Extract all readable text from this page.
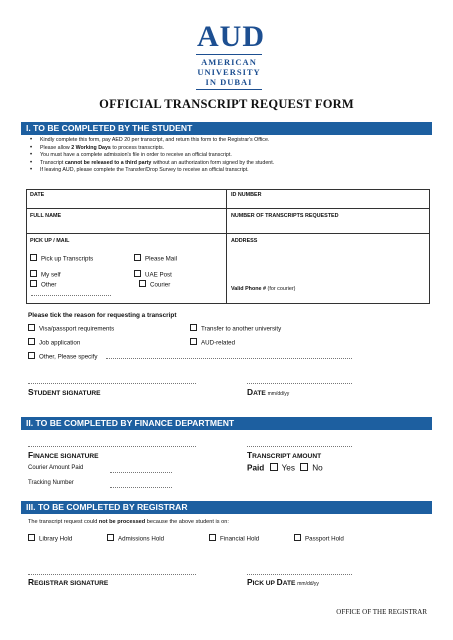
AUD
AMERICAN
UNIVERSITY
IN DUBAI
OFFICIAL TRANSCRIPT REQUEST FORM
I. TO BE COMPLETED BY THE STUDENT
• Kindly complete this form, pay AED 20 per transcript, and return this form to the Registrar's Office.
• Please allow 2 Working Days to process transcripts.
• You must have a complete admission's file in order to receive an official transcript.
• Transcript cannot be released to a third party without an authorization form signed by the student.
• If leaving AUD, please complete the Transfer/Drop Survey to receive an official transcript.
DATE	ID NUMBER
FULL NAME	NUMBER OF TRANSCRIPTS REQUESTED
PICK UP / MAIL	ADDRESS
Pick up Transcripts	Please Mail
My self	UAE Post
Other	Courier
Valid Phone # (for courier)
Please tick the reason for requesting a transcript
Visa/passport requirements	Transfer to another university
Job application	AUD-related
Other, Please specify
STUDENT SIGNATURE	DATE mm/dd/yy
II. TO BE COMPLETED BY FINANCE DEPARTMENT
FINANCE SIGNATURE	TRANSCRIPT AMOUNT
Courier Amount Paid
Tracking Number
Paid Yes No
III. TO BE COMPLETED BY REGISTRAR
The transcript request could not be processed because the above student is on:
Library Hold	Admissions Hold	Financial Hold	Passport Hold
REGISTRAR SIGNATURE	PICK UP DATE mm/dd/yy
OFFICE OF THE REGISTRAR
